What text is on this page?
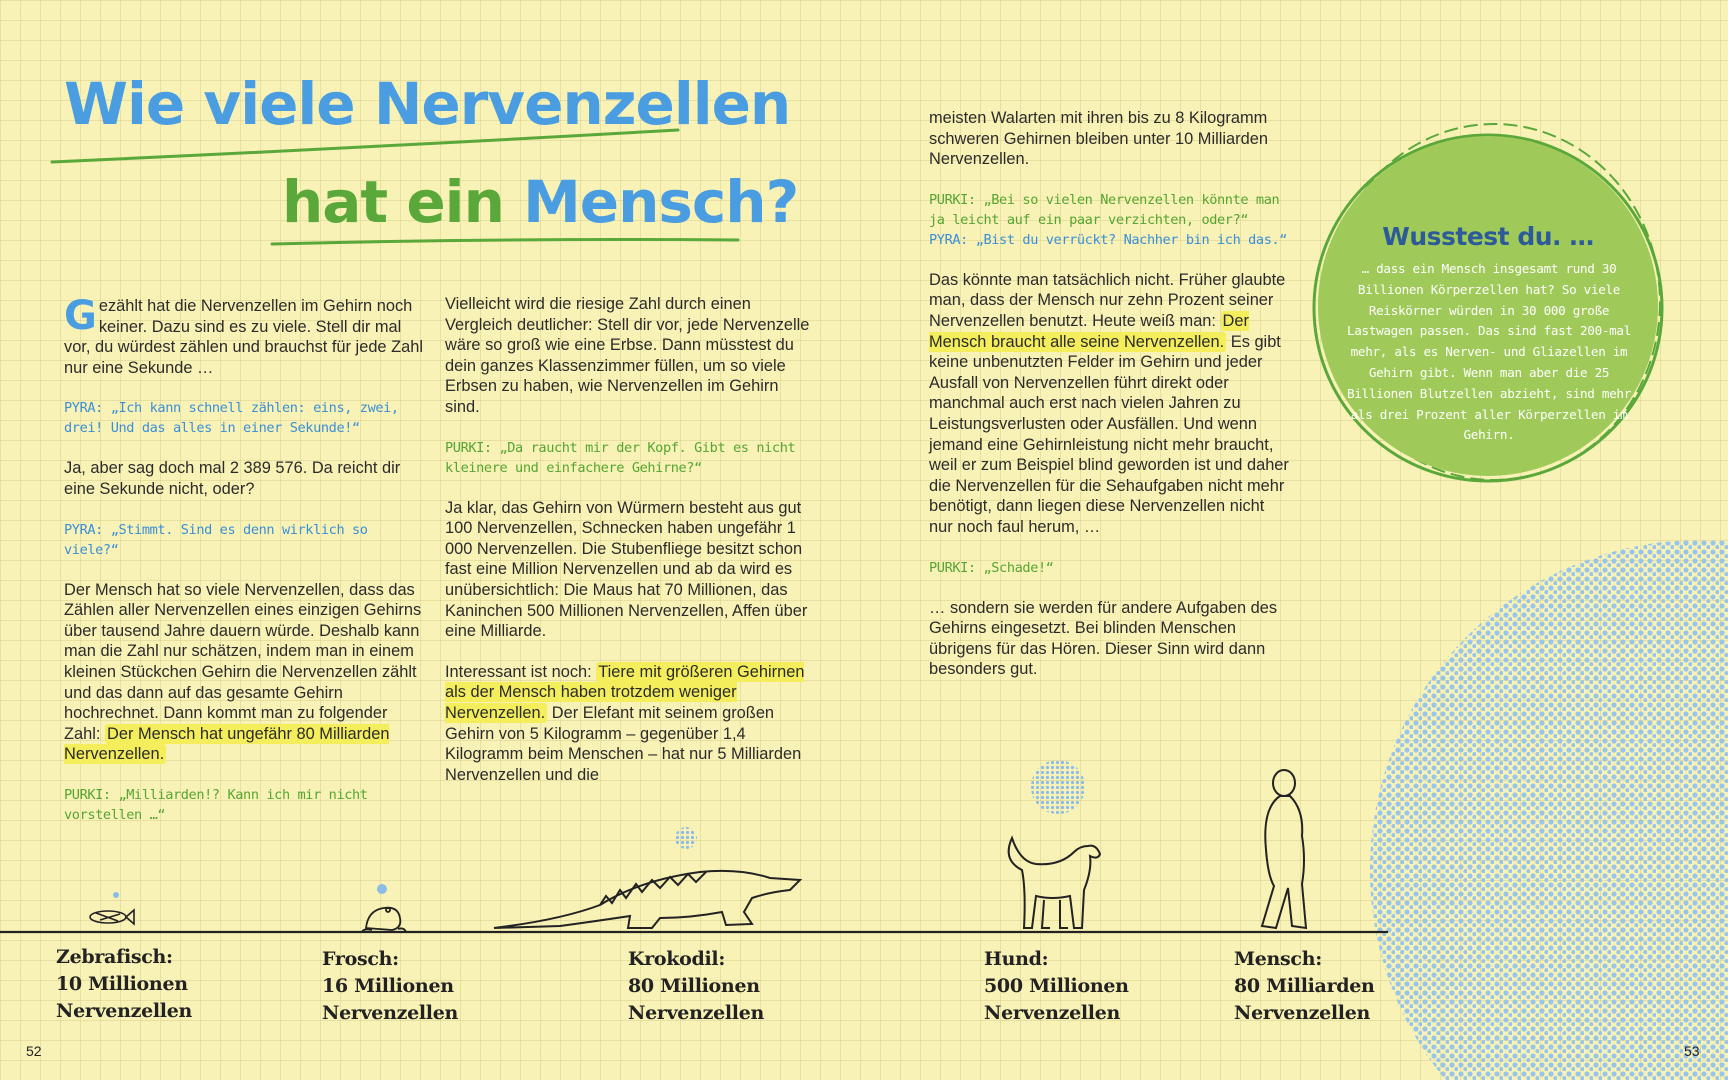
Wie viele Nervenzellen
hat ein Mensch?

Gezählt hat die Nervenzellen im Gehirn noch keiner. Dazu sind es zu viele. Stell dir mal vor, du würdest zählen und brauchst für jede Zahl nur eine Sekunde …

PYRA: „Ich kann schnell zählen: eins, zwei, drei! Und das alles in einer Sekunde!“

Ja, aber sag doch mal 2 389 576. Da reicht dir eine Sekunde nicht, oder?

PYRA: „Stimmt. Sind es denn wirklich so viele?“

Der Mensch hat so viele Nervenzellen, dass das Zählen aller Nervenzellen eines einzigen Gehirns über tausend Jahre dauern würde. Deshalb kann man die Zahl nur schätzen, indem man in einem kleinen Stückchen Gehirn die Nervenzellen zählt und das dann auf das gesamte Gehirn hochrechnet. Dann kommt man zu folgender Zahl: Der Mensch hat ungefähr 80 Milliarden Nervenzellen.

PURKI: „Milliarden!? Kann ich mir nicht vorstellen …“

Vielleicht wird die riesige Zahl durch einen Vergleich deutlicher: Stell dir vor, jede Nervenzelle wäre so groß wie eine Erbse. Dann müsstest du dein ganzes Klassenzimmer füllen, um so viele Erbsen zu haben, wie Nervenzellen im Gehirn sind.

PURKI: „Da raucht mir der Kopf. Gibt es nicht kleinere und einfachere Gehirne?“

Ja klar, das Gehirn von Würmern besteht aus gut 100 Nervenzellen, Schnecken haben ungefähr 1 000 Nervenzellen. Die Stubenfliege besitzt schon fast eine Million Nervenzellen und ab da wird es unübersichtlich: Die Maus hat 70 Millionen, das Kaninchen 500 Millionen Nervenzellen, Affen über eine Milliarde.

Interessant ist noch: Tiere mit größeren Gehirnen als der Mensch haben trotzdem weniger Nervenzellen. Der Elefant mit seinem großen Gehirn von 5 Kilogramm – gegenüber 1,4 Kilogramm beim Menschen – hat nur 5 Milliarden Nervenzellen und die

meisten Walarten mit ihren bis zu 8 Kilogramm schweren Gehirnen bleiben unter 10 Milliarden Nervenzellen.

PURKI: „Bei so vielen Nervenzellen könnte man ja leicht auf ein paar verzichten, oder?“

PYRA: „Bist du verrückt? Nachher bin ich das.“

Das könnte man tatsächlich nicht. Früher glaubte man, dass der Mensch nur zehn Prozent seiner Nervenzellen benutzt. Heute weiß man: Der Mensch braucht alle seine Nervenzellen. Es gibt keine unbenutzten Felder im Gehirn und jeder Ausfall von Nervenzellen führt direkt oder manchmal auch erst nach vielen Jahren zu Leistungsverlusten oder Ausfällen. Und wenn jemand eine Gehirnleistung nicht mehr braucht, weil er zum Beispiel blind geworden ist und daher die Nervenzellen für die Sehaufgaben nicht mehr benötigt, dann liegen diese Nervenzellen nicht nur noch faul herum, …

PURKI: „Schade!“

… sondern sie werden für andere Aufgaben des Gehirns eingesetzt. Bei blinden Menschen übrigens für das Hören. Dieser Sinn wird dann besonders gut.

Wusstest du. …
… dass ein Mensch insgesamt rund 30 Billionen Körperzellen hat? So viele Reiskörner würden in 30 000 große Lastwagen passen. Das sind fast 200-mal mehr, als es Nerven- und Gliazellen im Gehirn gibt. Wenn man aber die 25 Billionen Blutzellen abzieht, sind mehr als drei Prozent aller Körperzellen im Gehirn.
Zebrafisch:
10 Millionen
Nervenzellen
Frosch:
16 Millionen
Nervenzellen
Krokodil:
80 Millionen
Nervenzellen
Hund:
500 Millionen
Nervenzellen
Mensch:
80 Milliarden
Nervenzellen
52	53
